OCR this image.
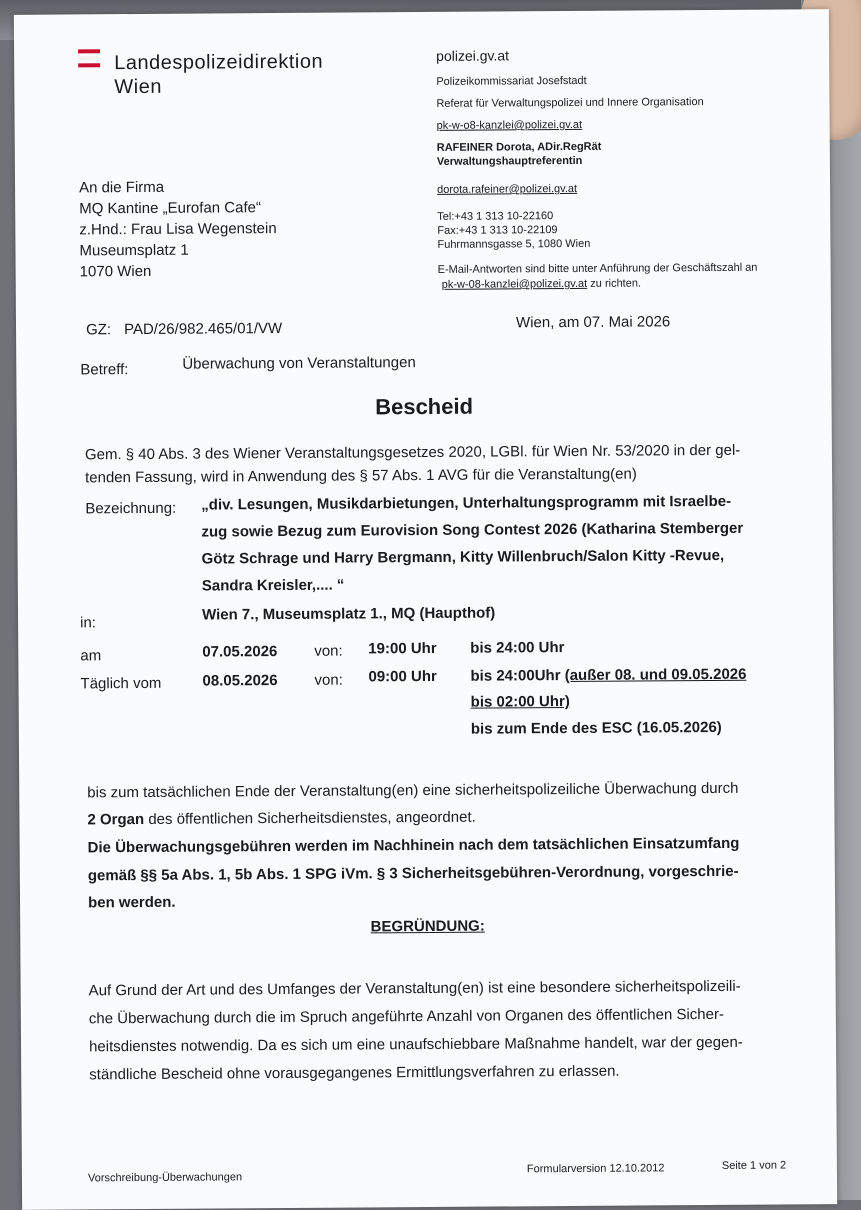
Landespolizeidirektion
Wien
polizei.gv.at
Polizeikommissariat Josefstadt
Referat für Verwaltungspolizei und Innere Organisation
pk-w-o8-kanzlei@polizei.gv.at
RAFEINER Dorota, ADir.RegRät
Verwaltungshauptreferentin
dorota.rafeiner@polizei.gv.at
Tel:+43 1 313 10-22160
Fax:+43 1 313 10-22109
Fuhrmannsgasse 5, 1080 Wien
E-Mail-Antworten sind bitte unter Anführung der Geschäftszahl an
pk-w-08-kanzlei@polizei.gv.at zu richten.
An die Firma
MQ Kantine „Eurofan Cafe“
z.Hnd.: Frau Lisa Wegenstein
Museumsplatz 1
1070 Wien
GZ: PAD/26/982.465/01/VW	Wien, am 07. Mai 2026
Betreff:	Überwachung von Veranstaltungen
Bescheid
Gem. § 40 Abs. 3 des Wiener Veranstaltungsgesetzes 2020, LGBl. für Wien Nr. 53/2020 in der gel-
tenden Fassung, wird in Anwendung des § 57 Abs. 1 AVG für die Veranstaltung(en)
Bezeichnung: „div. Lesungen, Musikdarbietungen, Unterhaltungsprogramm mit Israelbe-
zug sowie Bezug zum Eurovision Song Contest 2026 (Katharina Stemberger
Götz Schrage und Harry Bergmann, Kitty Willenbruch/Salon Kitty -Revue,
Sandra Kreisler,.... “
in:	Wien 7., Museumsplatz 1., MQ (Haupthof)
am	07.05.2026 von: 19:00 Uhr bis 24:00 Uhr
Täglich vom	08.05.2026 von: 09:00 Uhr bis 24:00Uhr (außer 08. und 09.05.2026
bis 02:00 Uhr)
bis zum Ende des ESC (16.05.2026)
bis zum tatsächlichen Ende der Veranstaltung(en) eine sicherheitspolizeiliche Überwachung durch
2 Organ des öffentlichen Sicherheitsdienstes, angeordnet.
Die Überwachungsgebühren werden im Nachhinein nach dem tatsächlichen Einsatzumfang
gemäß §§ 5a Abs. 1, 5b Abs. 1 SPG iVm. § 3 Sicherheitsgebühren-Verordnung, vorgeschrie-
ben werden.
BEGRÜNDUNG:
Auf Grund der Art und des Umfanges der Veranstaltung(en) ist eine besondere sicherheitspolizeili-
che Überwachung durch die im Spruch angeführte Anzahl von Organen des öffentlichen Sicher-
heitsdienstes notwendig. Da es sich um eine unaufschiebbare Maßnahme handelt, war der gegen-
ständliche Bescheid ohne vorausgegangenes Ermittlungsverfahren zu erlassen.
Vorschreibung-Überwachungen
Formularversion 12.10.2012	Seite 1 von 2
